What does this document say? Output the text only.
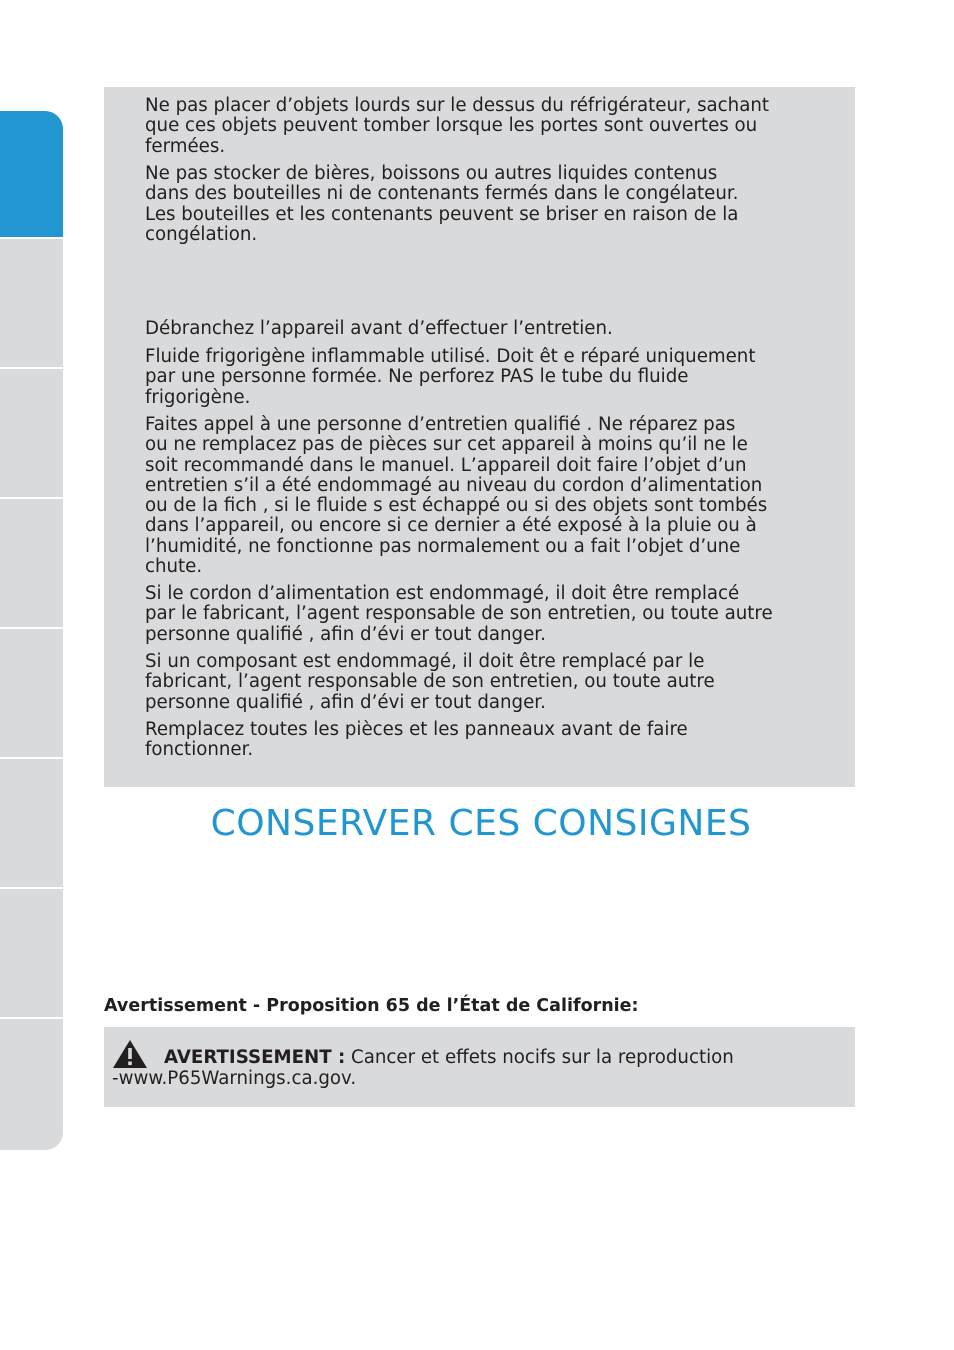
Ne pas placer d’objets lourds sur le dessus du réfrigérateur, sachant
que ces objets peuvent tomber lorsque les portes sont ouvertes ou
fermées.

Ne pas stocker de bières, boissons ou autres liquides contenus
dans des bouteilles ni de contenants fermés dans le congélateur.
Les bouteilles et les contenants peuvent se briser en raison de la
congélation.

Débranchez l’appareil avant d’effectuer l’entretien.

Fluide frigorigène inflammable utilisé. Doit êt e réparé uniquement
par une personne formée. Ne perforez PAS le tube du fluide
frigorigène.

Faites appel à une personne d’entretien qualifié . Ne réparez pas
ou ne remplacez pas de pièces sur cet appareil à moins qu’il ne le
soit recommandé dans le manuel. L’appareil doit faire l’objet d’un
entretien s’il a été endommagé au niveau du cordon d’alimentation
ou de la fich , si le fluide s est échappé ou si des objets sont tombés
dans l’appareil, ou encore si ce dernier a été exposé à la pluie ou à
l’humidité, ne fonctionne pas normalement ou a fait l’objet d’une
chute.

Si le cordon d’alimentation est endommagé, il doit être remplacé
par le fabricant, l’agent responsable de son entretien, ou toute autre
personne qualifié , afin d’évi er tout danger.

Si un composant est endommagé, il doit être remplacé par le
fabricant, l’agent responsable de son entretien, ou toute autre
personne qualifié , afin d’évi er tout danger.

Remplacez toutes les pièces et les panneaux avant de faire
fonctionner.

CONSERVER CES CONSIGNES

Avertissement - Proposition 65 de l’État de Californie:

AVERTISSEMENT : Cancer et effets nocifs sur la reproduction

-www.P65Warnings.ca.gov.
